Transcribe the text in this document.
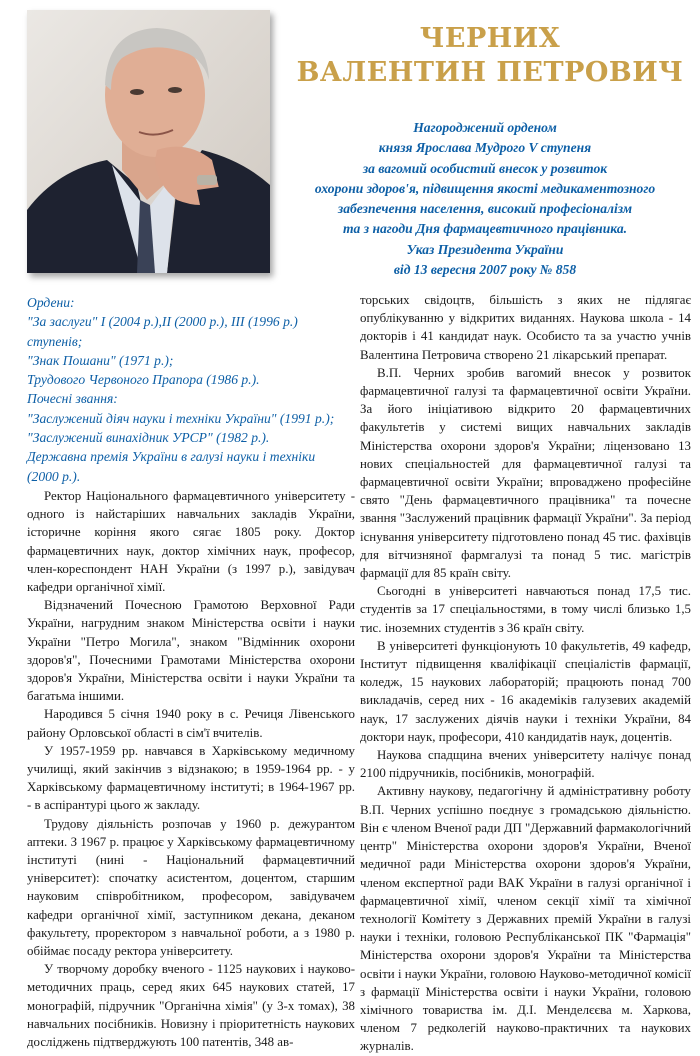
ЧЕРНИХ
ВАЛЕНТИН ПЕТРОВИЧ
Нагороджений орденом
князя Ярослава Мудрого V ступеня
за вагомий особистий внесок у розвиток
охорони здоров'я, підвищення якості медикаментозного
забезпечення населення, високий професіоналізм
та з нагоди Дня фармацевтичного працівника.
Указ Президента України
від 13 вересня 2007 року № 858
Ордени:
"За заслуги" I (2004 р.),II (2000 р.), III (1996 р.)
ступенів;
"Знак Пошани" (1971 р.);
Трудового Червоного Прапора (1986 р.).
Почесні звання:
"Заслужений діяч науки і техніки України" (1991 р.);
"Заслужений винахідник УРСР" (1982 р.).
Державна премія України в галузі науки і техніки
(2000 р.).

Ректор Національного фармацевтичного університету - одного із найстаріших навчальних закладів України, історичне коріння якого сягає 1805 року. Доктор фармацевтичних наук, доктор хімічних наук, професор, член-кореспондент НАН України (з 1997 р.), завідувач кафедри органічної хімії.

Відзначений Почесною Грамотою Верховної Ради України, нагрудним знаком Міністерства освіти і науки України "Петро Могила", знаком "Відмінник охорони здоров'я", Почесними Грамотами Міністерства охорони здоров'я України, Міністерства освіти і науки України та багатьма іншими.

Народився 5 січня 1940 року в с. Речиця Лівенського району Орловської області в сім'ї вчителів.

У 1957-1959 рр. навчався в Харківському медичному училищі, який закінчив з відзнакою; в 1959-1964 рр. - у Харківському фармацевтичному інституті; в 1964-1967 рр. - в аспірантурі цього ж закладу.

Трудову діяльність розпочав у 1960 р. дежурантом аптеки. З 1967 р. працює у Харківському фармацевтичному інституті (нині - Національний фармацевтичний університет): спочатку асистентом, доцентом, старшим науковим співробітником, професором, завідувачем кафедри органічної хімії, заступником декана, деканом факультету, проректором з навчальної роботи, а з 1980 р. обіймає посаду ректора університету.

У творчому доробку вченого - 1125 наукових і науково-методичних праць, серед яких 645 наукових статей, 17 монографій, підручник "Органічна хімія" (у 3-х томах), 38 навчальних посібників. Новизну і пріоритетність наукових досліджень підтверджують 100 патентів, 348 ав-

торських свідоцтв, більшість з яких не підлягає опублікуванню у відкритих виданнях. Наукова школа - 14 докторів і 41 кандидат наук. Особисто та за участю учнів Валентина Петровича створено 21 лікарський препарат.

В.П. Черних зробив вагомий внесок у розвиток фармацевтичної галузі та фармацевтичної освіти України. За його ініціативою відкрито 20 фармацевтичних факультетів у системі вищих навчальних закладів Міністерства охорони здоров'я України; ліцензовано 13 нових спеціальностей для фармацевтичної галузі та фармацевтичної освіти України; впроваджено професійне свято "День фармацевтичного працівника" та почесне звання "Заслужений працівник фармації України". За період існування університету підготовлено понад 45 тис. фахівців для вітчизняної фармгалузі та понад 5 тис. магістрів фармації для 85 країн світу.

Сьогодні в університеті навчаються понад 17,5 тис. студентів за 17 спеціальностями, в тому числі близько 1,5 тис. іноземних студентів з 36 країн світу.

В університеті функціонують 10 факультетів, 49 кафедр, Інститут підвищення кваліфікації спеціалістів фармації, коледж, 15 наукових лабораторій; працюють понад 700 викладачів, серед них - 16 академіків галузевих академій наук, 17 заслужених діячів науки і техніки України, 84 доктори наук, професори, 410 кандидатів наук, доцентів.

Наукова спадщина вчених університету налічує понад 2100 підручників, посібників, монографій.

Активну наукову, педагогічну й адміністративну роботу В.П. Черних успішно поєднує з громадською діяльністю. Він є членом Вченої ради ДП "Державний фармакологічний центр" Міністерства охорони здоров'я України, Вченої медичної ради Міністерства охорони здоров'я України, членом експертної ради ВАК України в галузі органічної і фармацевтичної хімії, членом секції хімії та хімічної технології Комітету з Державних премій України в галузі науки і техніки, головою Республіканської ПК "Фармація" Міністерства охорони здоров'я України та Міністерства освіти і науки України, головою Науково-методичної комісії з фармації Міністерства освіти і науки України, головою хімічного товариства ім. Д.І. Менделєєва м. Харкова, членом 7 редколегій науково-практичних та наукових журналів.
